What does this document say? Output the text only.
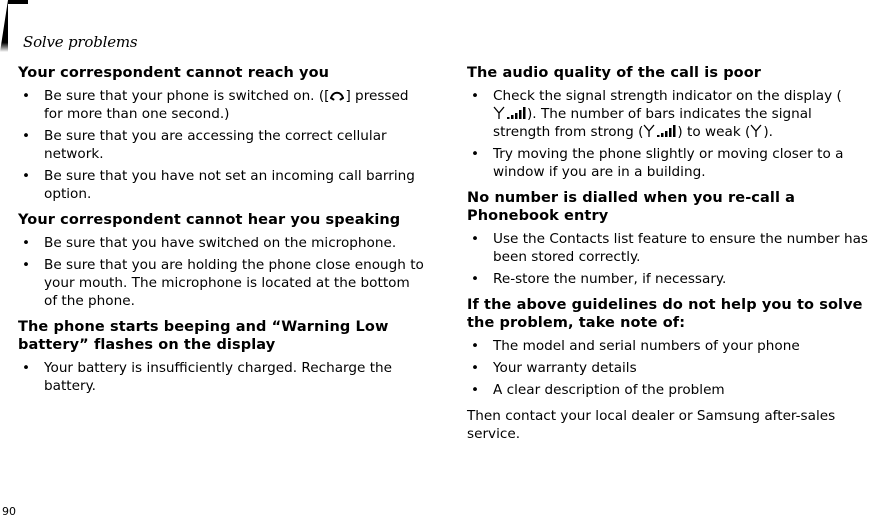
Solve problems
Your correspondent cannot reach you
• Be sure that your phone is switched on. ([ ] pressed for more than one second.)
• Be sure that you are accessing the correct cellular network.
• Be sure that you have not set an incoming call barring option.
Your correspondent cannot hear you speaking
• Be sure that you have switched on the microphone.
• Be sure that you are holding the phone close enough to your mouth. The microphone is located at the bottom of the phone.
The phone starts beeping and “Warning Low battery” flashes on the display
• Your battery is insufficiently charged. Recharge the battery.
The audio quality of the call is poor
• Check the signal strength indicator on the display (). The number of bars indicates the signal strength from strong (	) to weak ( ).
• Try moving the phone slightly or moving closer to a window if you are in a building.
No number is dialled when you re-call a Phonebook entry
• Use the Contacts list feature to ensure the number has been stored correctly.
• Re-store the number, if necessary.
If the above guidelines do not help you to solve the problem, take note of:
• The model and serial numbers of your phone
• Your warranty details
• A clear description of the problem

Then contact your local dealer or Samsung after-sales service.

90
